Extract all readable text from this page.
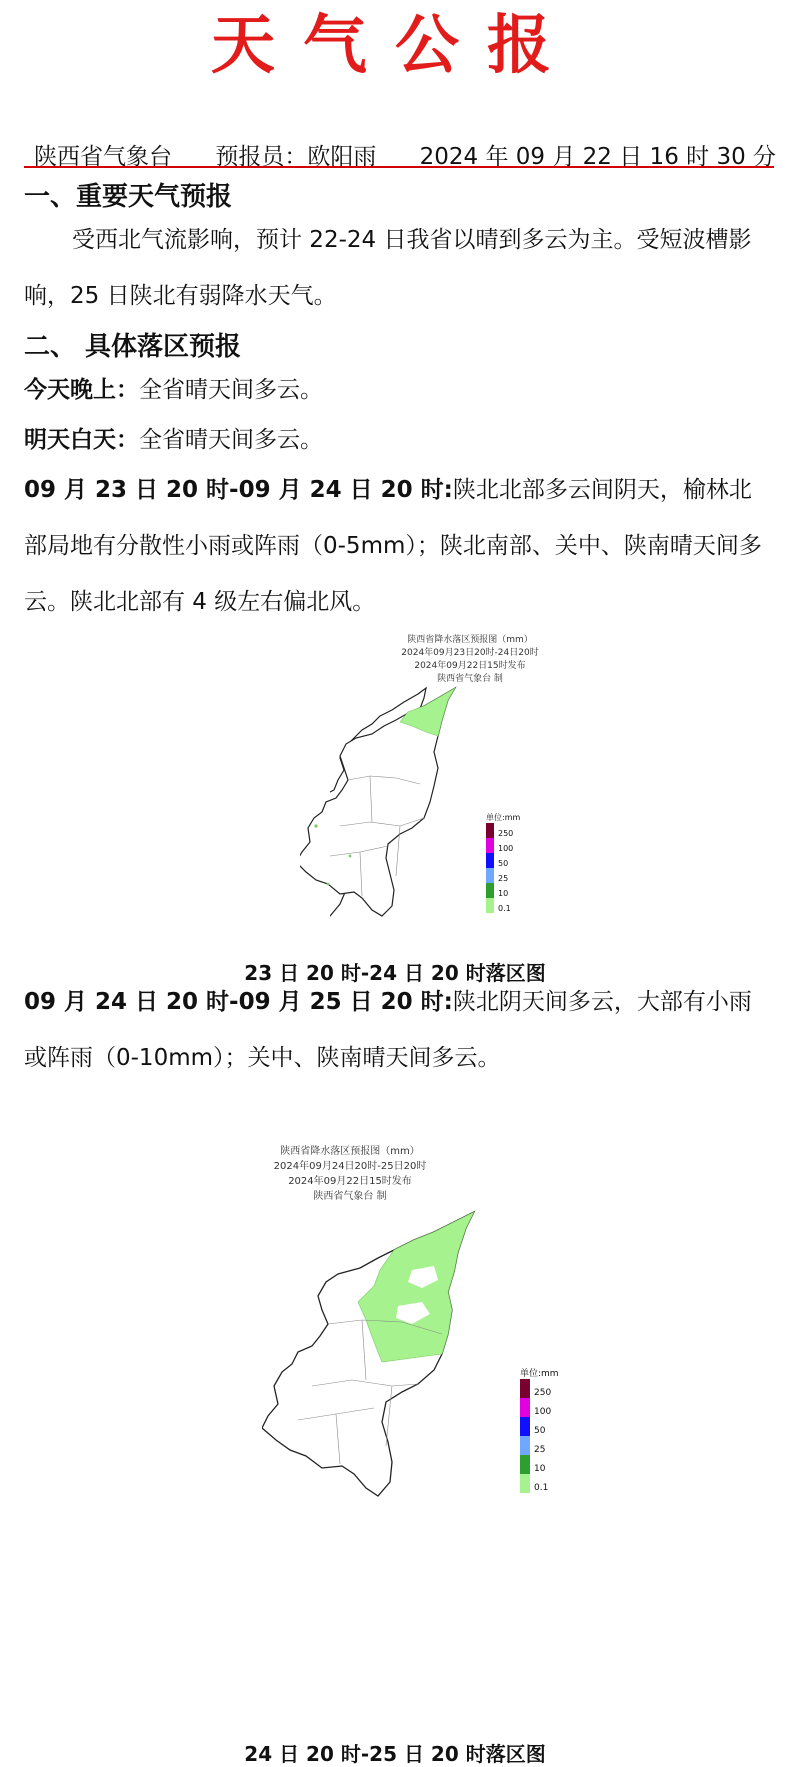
天气公报
陕西省气象台 预报员：欧阳雨 2024 年 09 月 22 日 16 时 30 分
一、重要天气预报
受西北气流影响，预计 22-24 日我省以晴到多云为主。受短波槽影响，25 日陕北有弱降水天气。
二、 具体落区预报
今天晚上：全省晴天间多云。
明天白天：全省晴天间多云。
09 月 23 日 20 时-09 月 24 日 20 时:陕北北部多云间阴天，榆林北部局地有分散性小雨或阵雨（0-5mm）；陕北南部、关中、陕南晴天间多云。陕北北部有 4 级左右偏北风。
陕西省降水落区预报图（mm）
2024年09月23日20时-24日20时
2024年09月22日15时发布
陕西省气象台 制
单位:mm
250
100
50
25
10
0.1
23 日 20 时-24 日 20 时落区图
09 月 24 日 20 时-09 月 25 日 20 时:陕北阴天间多云，大部有小雨或阵雨（0-10mm）；关中、陕南晴天间多云。
陕西省降水落区预报图（mm）
2024年09月24日20时-25日20时
2024年09月22日15时发布
陕西省气象台 制
单位:mm
250
100
50
25
10
0.1
24 日 20 时-25 日 20 时落区图
